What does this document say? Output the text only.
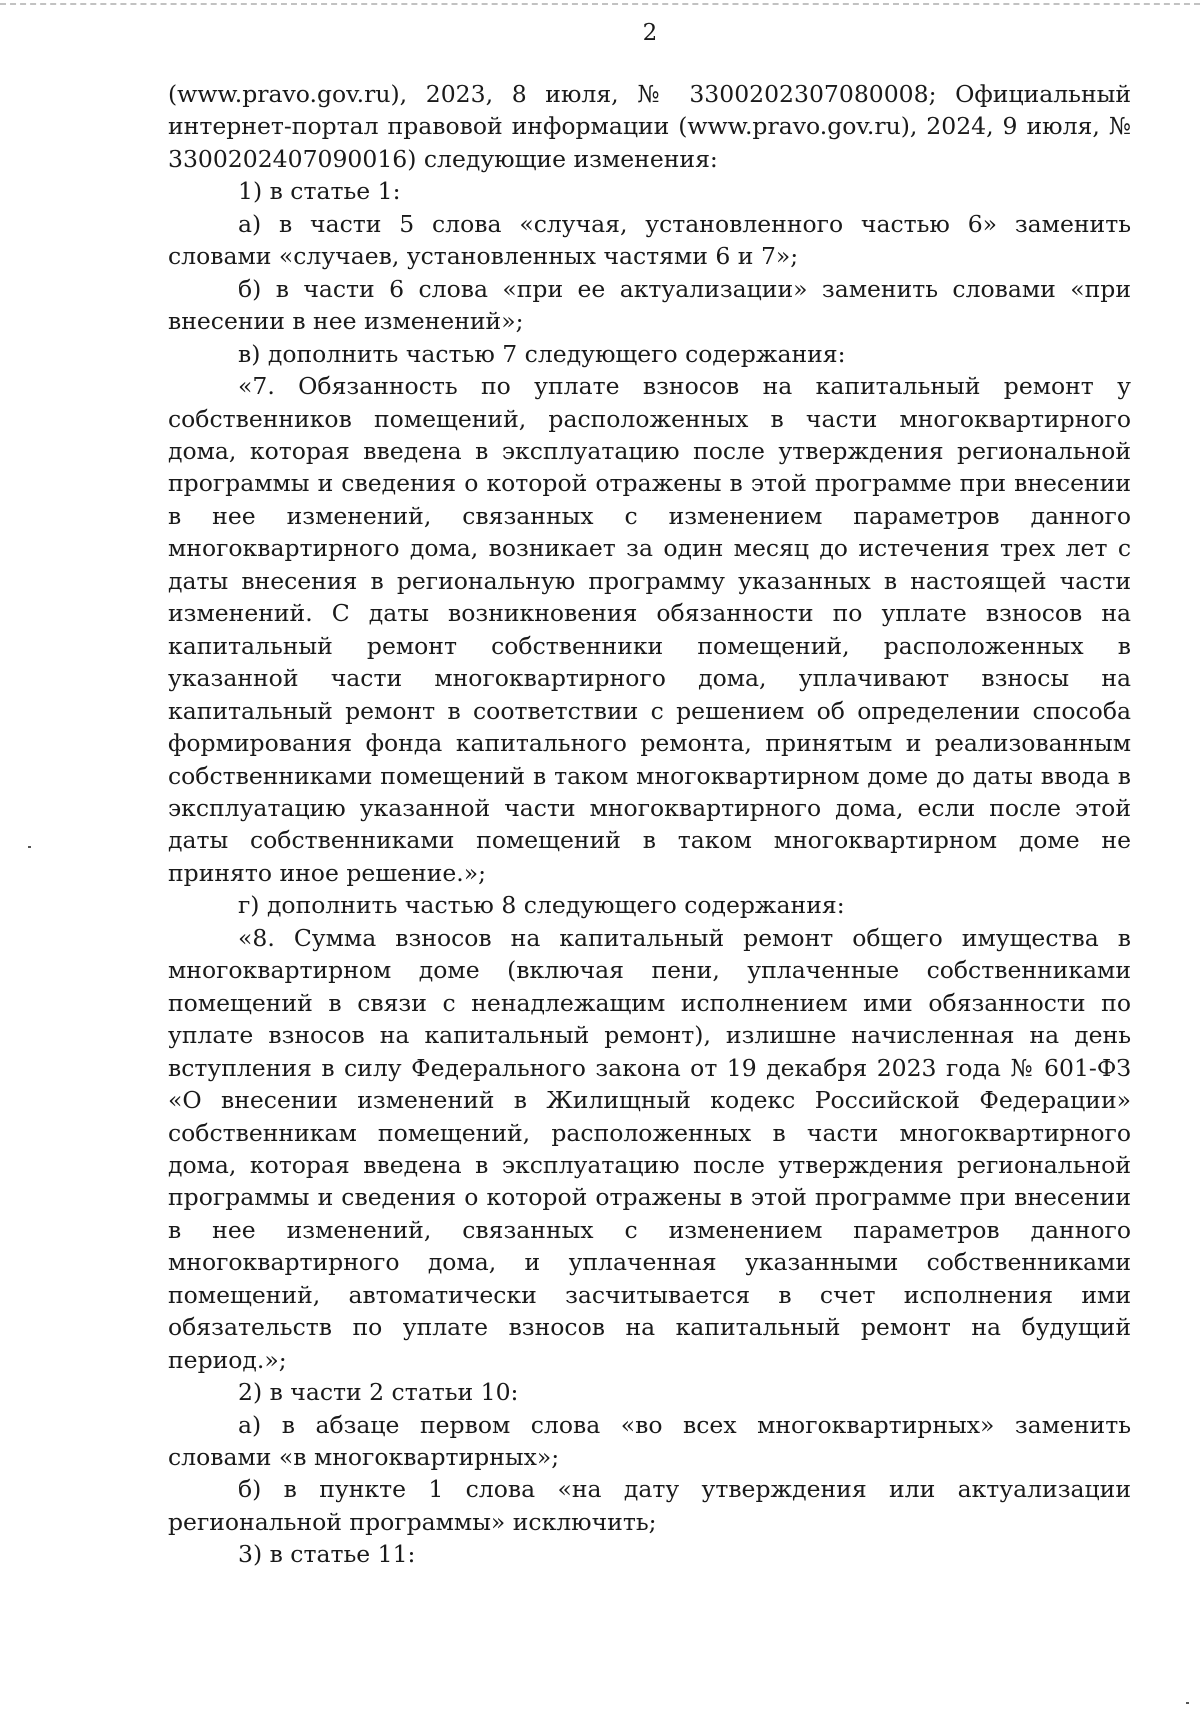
2

(www.pravo.gov.ru), 2023, 8 июля, № 3300202307080008; Официальный интернет-портал правовой информации (www.pravo.gov.ru), 2024, 9 июля, № 3300202407090016) следующие изменения:

1) в статье 1:

а) в части 5 слова «случая, установленного частью 6» заменить словами «случаев, установленных частями 6 и 7»;

б) в части 6 слова «при ее актуализации» заменить словами «при внесении в нее изменений»;

в) дополнить частью 7 следующего содержания:

«7. Обязанность по уплате взносов на капитальный ремонт у собственников помещений, расположенных в части многоквартирного дома, которая введена в эксплуатацию после утверждения региональной программы и сведения о которой отражены в этой программе при внесении в нее изменений, связанных с изменением параметров данного многоквартирного дома, возникает за один месяц до истечения трех лет с даты внесения в региональную программу указанных в настоящей части изменений. С даты возникновения обязанности по уплате взносов на капитальный ремонт собственники помещений, расположенных в указанной части многоквартирного дома, уплачивают взносы на капитальный ремонт в соответствии с решением об определении способа формирования фонда капитального ремонта, принятым и реализованным собственниками помещений в таком многоквартирном доме до даты ввода в эксплуатацию указанной части многоквартирного дома, если после этой даты собственниками помещений в таком многоквартирном доме не принято иное решение.»;

г) дополнить частью 8 следующего содержания:

«8. Сумма взносов на капитальный ремонт общего имущества в многоквартирном доме (включая пени, уплаченные собственниками помещений в связи с ненадлежащим исполнением ими обязанности по уплате взносов на капитальный ремонт), излишне начисленная на день вступления в силу Федерального закона от 19 декабря 2023 года № 601-ФЗ «О внесении изменений в Жилищный кодекс Российской Федерации» собственникам помещений, расположенных в части многоквартирного дома, которая введена в эксплуатацию после утверждения региональной программы и сведения о которой отражены в этой программе при внесении в нее изменений, связанных с изменением параметров данного многоквартирного дома, и уплаченная указанными собственниками помещений, автоматически засчитывается в счет исполнения ими обязательств по уплате взносов на капитальный ремонт на будущий период.»;

2) в части 2 статьи 10:

а) в абзаце первом слова «во всех многоквартирных» заменить словами «в многоквартирных»;

б) в пункте 1 слова «на дату утверждения или актуализации региональной программы» исключить;

3) в статье 11:
